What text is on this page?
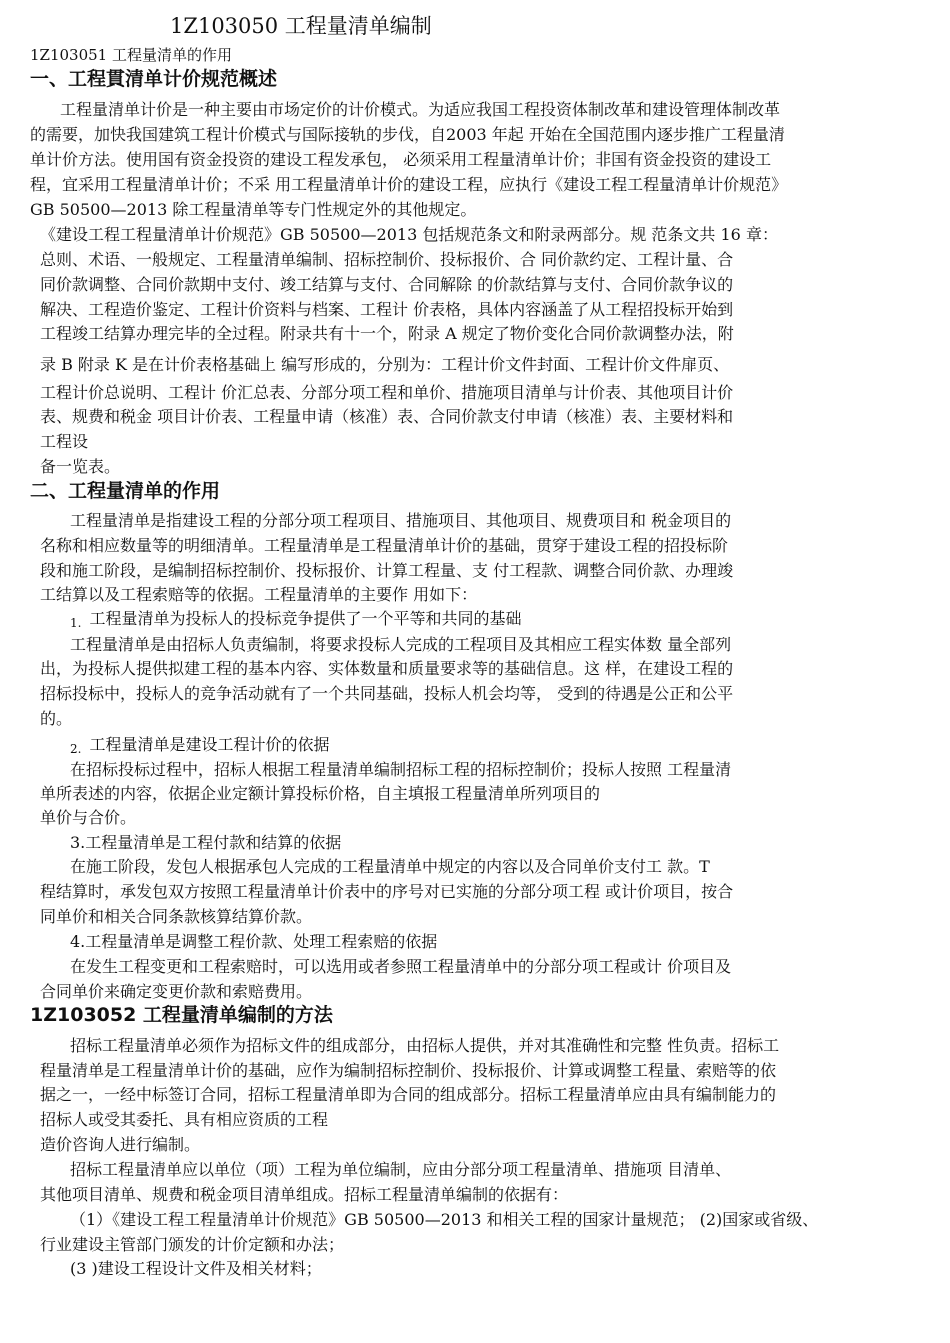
1Z103050 工程量清单编制
1Z103051 工程量清单的作用
一、工程貫清单计价规范概述
工程量清单计价是一种主要由市场定价的计价模式。为适应我国工程投资体制改革和建设管理体制改革
的需要，加快我国建筑工程计价模式与国际接轨的步伐，自2003 年起 开始在全国范围内逐步推广工程量清
单计价方法。使用国有资金投资的建设工程发承包， 必须采用工程量清单计价；非国有资金投资的建设工
程，宜采用工程量清单计价；不采 用工程量清单计价的建设工程，应执行《建设工程工程量清单计价规范》
GB 50500—2013 除工程量清单等专门性规定外的其他规定。
《建设工程工程量清单计价规范》GB 50500—2013 包括规范条文和附录两部分。规 范条文共 16 章：
总则、术语、一般规定、工程量清单编制、招标控制价、投标报价、合 同价款约定、工程计量、合
同价款调整、合同价款期中支付、竣工结算与支付、合同解除 的价款结算与支付、合同价款争议的
解决、工程造价鉴定、工程计价资料与档案、工程计 价表格，具体内容涵盖了从工程招投标开始到
工程竣工结算办理完毕的全过程。附录共有十一个，附录 A 规定了物价变化合同价款调整办法，附
录 B 附录 K 是在计价表格基础上 编写形成的，分别为：工程计价文件封面、工程计价文件扉页、
工程计价总说明、工程计 价汇总表、分部分项工程和单价、措施项目清单与计价表、其他项目计价
表、规费和税金 项目计价表、工程量申请（核准）表、合同价款支付申请（核准）表、主要材料和
工程设
备一览表。
二、工程量清单的作用
工程量清单是指建设工程的分部分项工程项目、措施项目、其他项目、规费项目和 税金项目的
名称和相应数量等的明细清单。工程量清单是工程量清单计价的基础，贯穿于建设工程的招投标阶
段和施工阶段，是编制招标控制价、投标报价、计算工程量、支 付工程款、调整合同价款、办理竣
工结算以及工程索赔等的依据。工程量清单的主要作 用如下：
1. 工程量清单为投标人的投标竞争提供了一个平等和共同的基础
工程量清单是由招标人负责编制，将要求投标人完成的工程项目及其相应工程实体数 量全部列
出，为投标人提供拟建工程的基本内容、实体数量和质量要求等的基础信息。这 样，在建设工程的
招标投标中，投标人的竞争活动就有了一个共同基础，投标人机会均等， 受到的待遇是公正和公平
的。
2. 工程量清单是建设工程计价的依据
在招标投标过程中，招标人根据工程量清单编制招标工程的招标控制价；投标人按照 工程量清
单所表述的内容，依据企业定额计算投标价格，自主填报工程量清单所列项目的
单价与合价。
3.工程量清单是工程付款和结算的依据
在施工阶段，发包人根据承包人完成的工程量清单中规定的内容以及合同单价支付工 款。T
程结算时，承发包双方按照工程量清单计价表中的序号对已实施的分部分项工程 或计价项目，按合
同单价和相关合同条款核算结算价款。
4.工程量清单是调整工程价款、处理工程索赔的依据
在发生工程变更和工程索赔时，可以选用或者参照工程量清单中的分部分项工程或计 价项目及
合同单价来确定变更价款和索赔费用。
1Z103052 工程量清单编制的方法
招标工程量清单必须作为招标文件的组成部分，由招标人提供，并对其准确性和完整 性负责。招标工
程量清单是工程量清单计价的基础，应作为编制招标控制价、投标报价、计算或调整工程量、索赔等的依
据之一，一经中标签订合同，招标工程量清单即为合同的组成部分。招标工程量清单应由具有编制能力的
招标人或受其委托、具有相应资质的工程
造价咨询人进行编制。
招标工程量清单应以单位（项）工程为单位编制，应由分部分项工程量清单、措施项 目清单、
其他项目清单、规费和税金项目清单组成。招标工程量清单编制的依据有：
（1）《建设工程工程量清单计价规范》GB 50500—2013 和相关工程的国家计量规范； (2)国家或省级、
行业建设主管部门颁发的计价定额和办法；
(3 )建设工程设计文件及相关材料；
